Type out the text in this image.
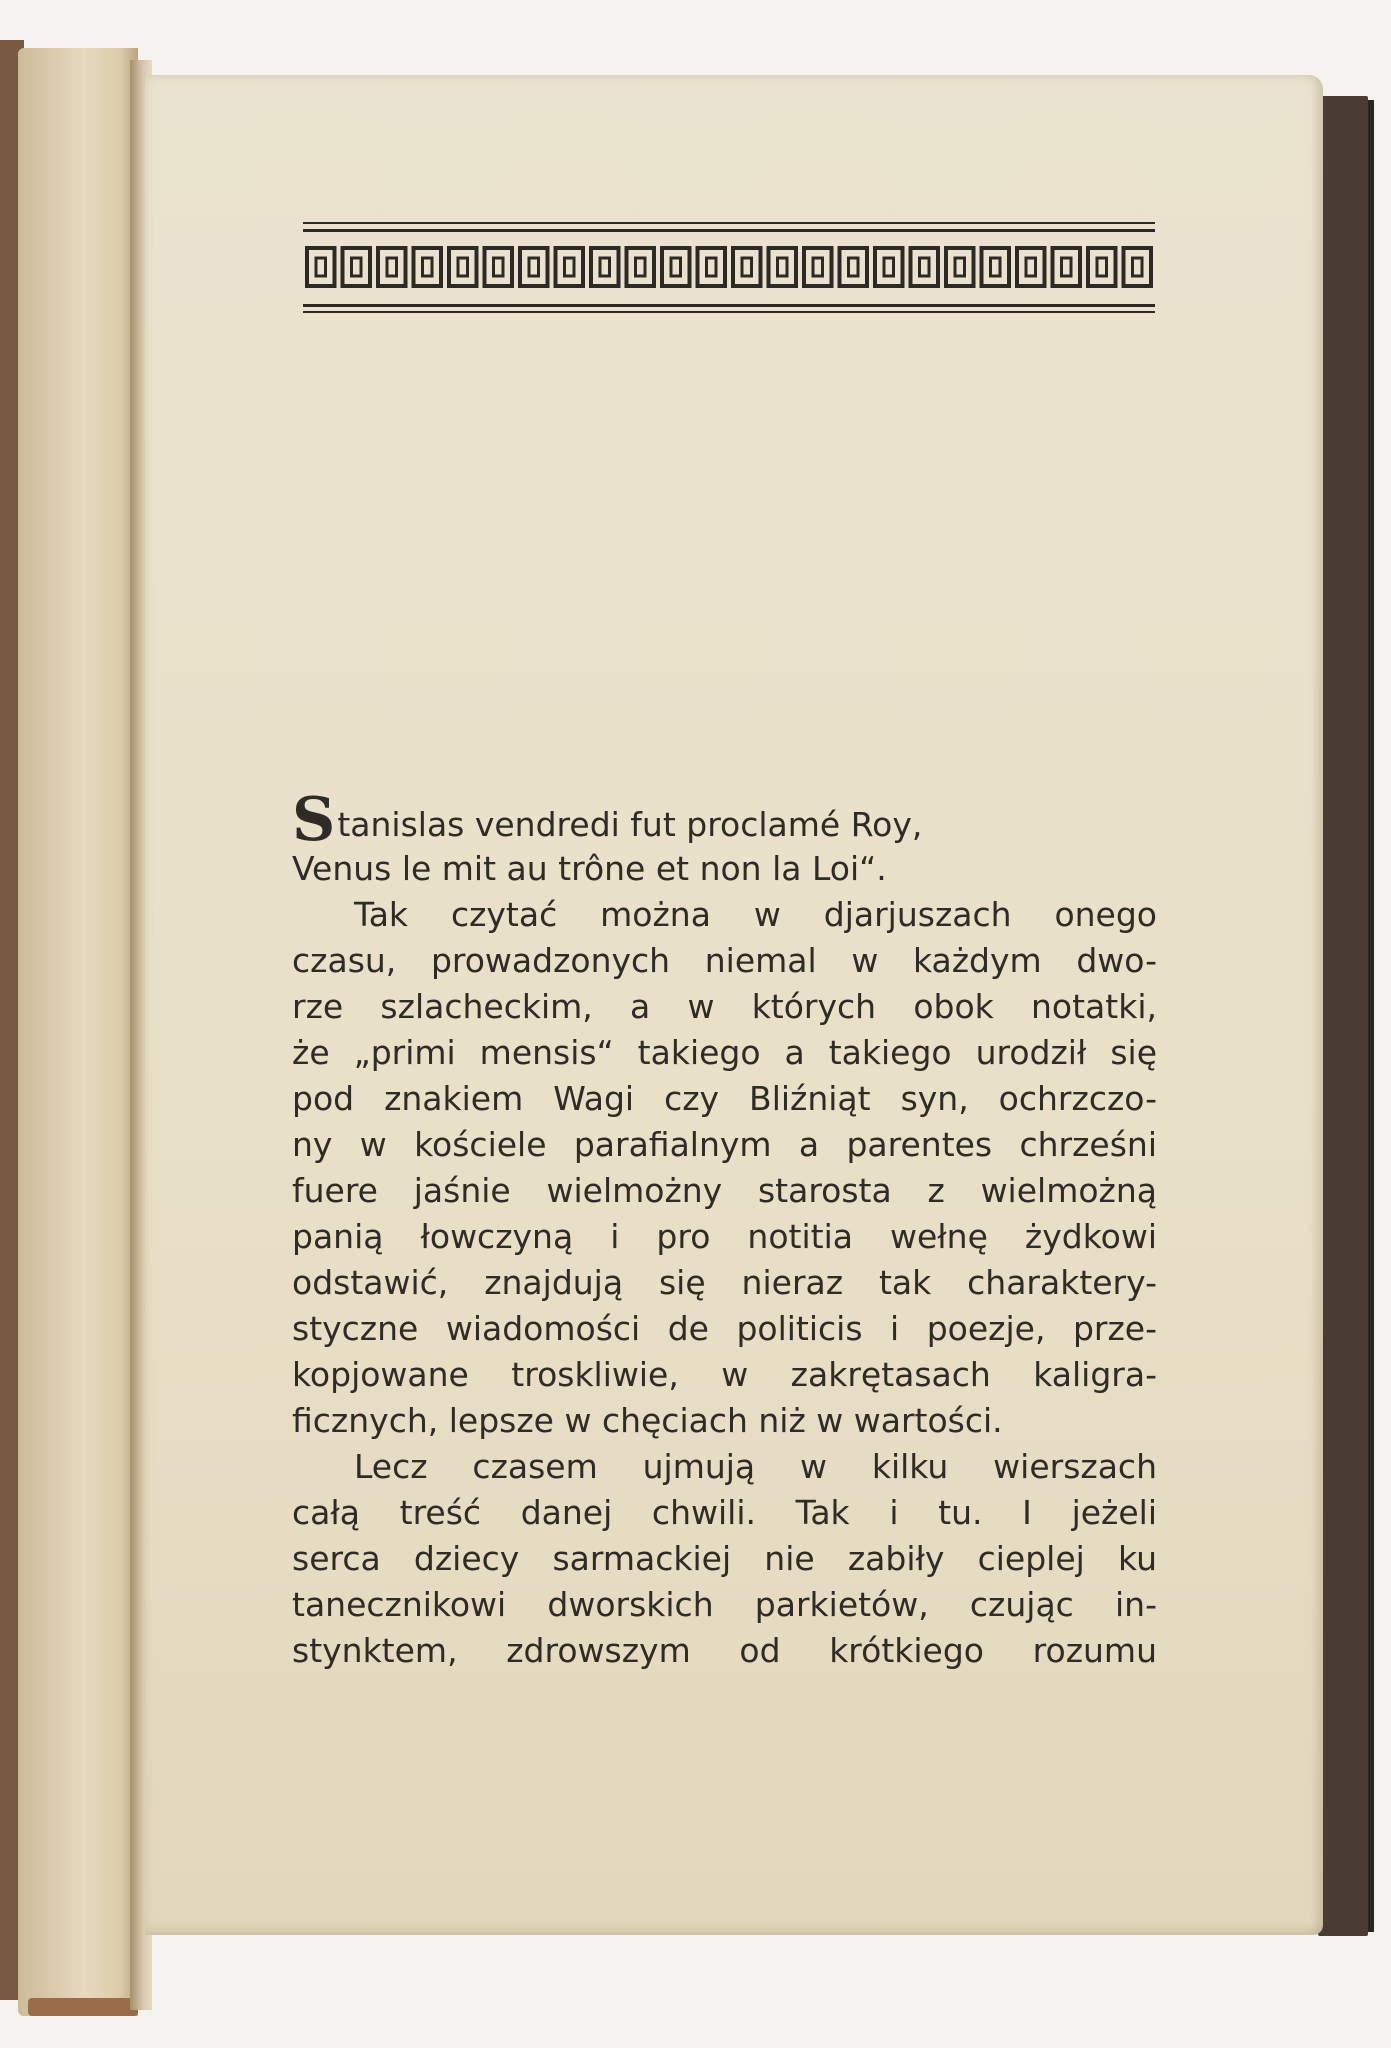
Stanislas vendredi fut proclamé Roy,
Venus le mit au trône et non la Loi“.
Tak czytać można w djarjuszach onego
czasu, prowadzonych niemal w każdym dwo-
rze szlacheckim, a w których obok notatki,
że „primi mensis“ takiego a takiego urodził się
pod znakiem Wagi czy Bliźniąt syn, ochrzczo-
ny w kościele parafialnym a parentes chrześni
fuere jaśnie wielmożny starosta z wielmożną
panią łowczyną i pro notitia wełnę żydkowi
odstawić, znajdują się nieraz tak charaktery-
styczne wiadomości de politicis i poezje, prze-
kopjowane troskliwie, w zakrętasach kaligra-
ficznych, lepsze w chęciach niż w wartości.
Lecz czasem ujmują w kilku wierszach
całą treść danej chwili. Tak i tu. I jeżeli
serca dziecy sarmackiej nie zabiły cieplej ku
tanecznikowi dworskich parkietów, czując in-
stynktem, zdrowszym od krótkiego rozumu
